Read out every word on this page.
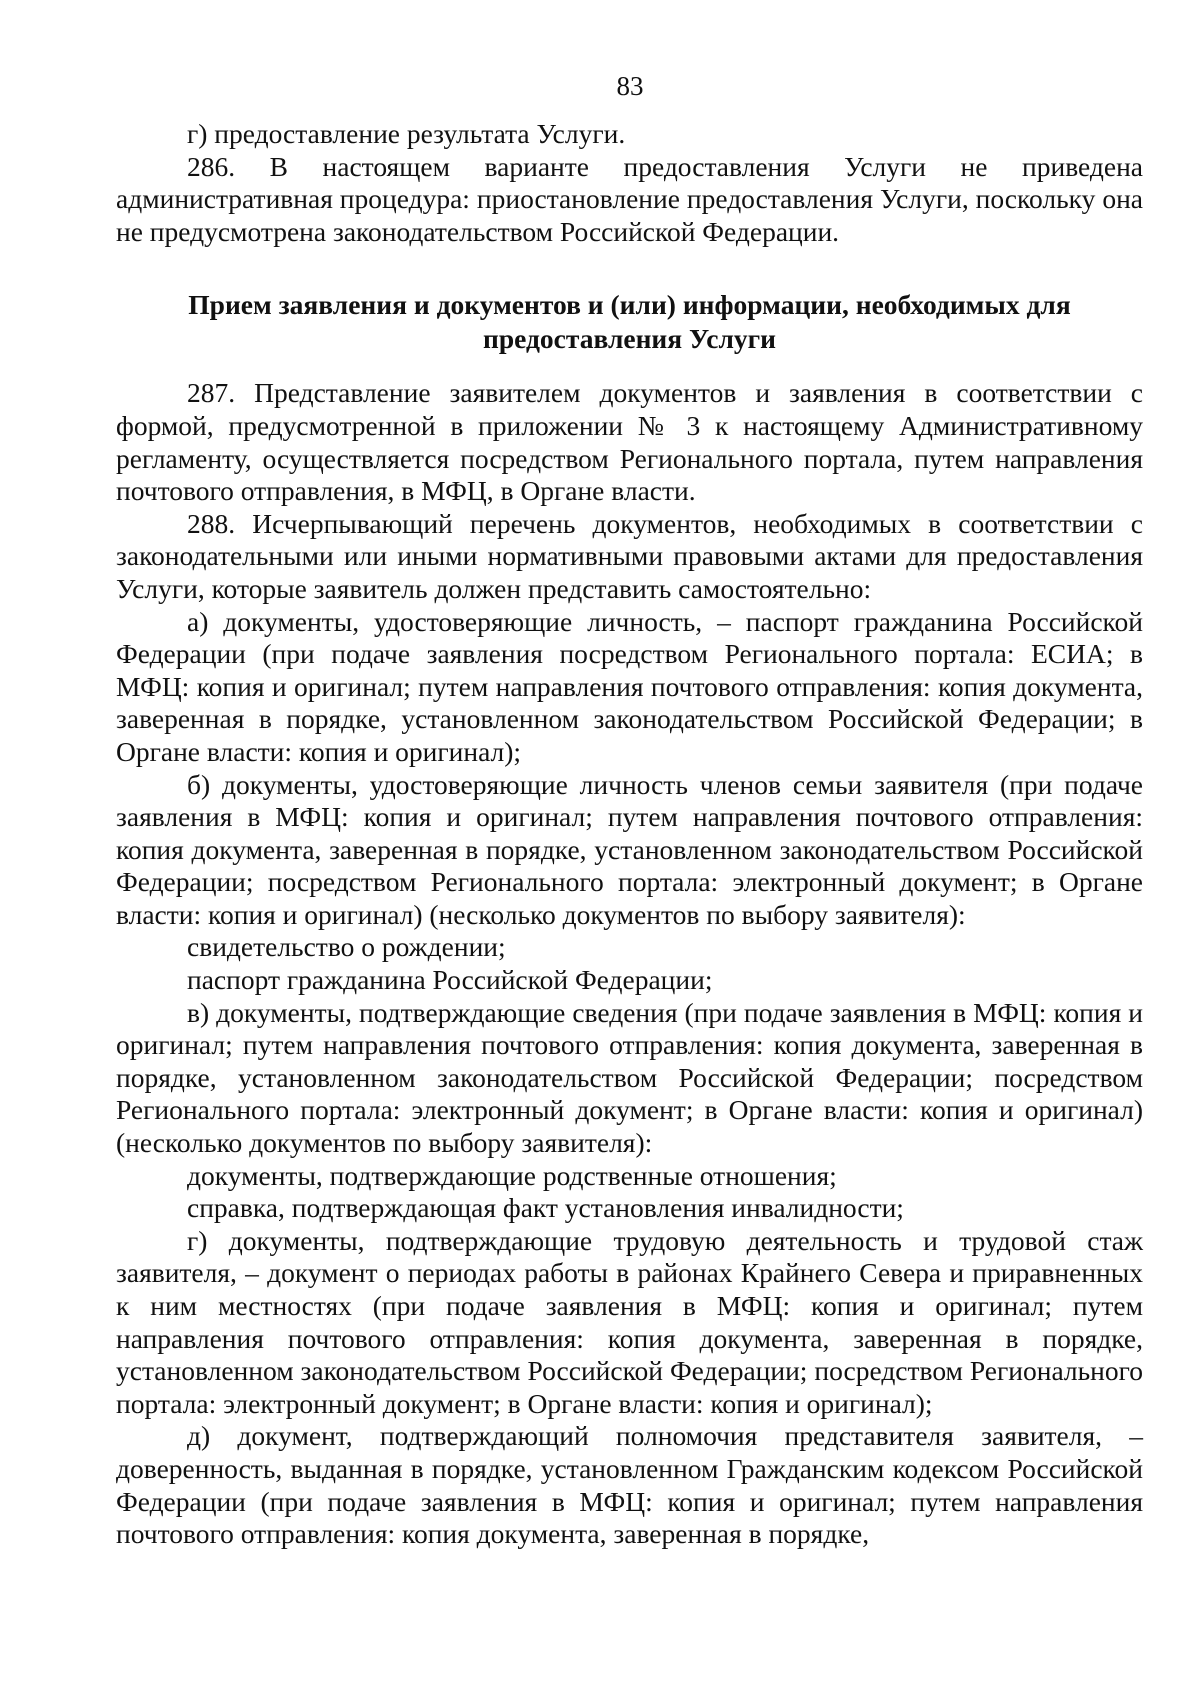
83

г) предоставление результата Услуги.

286. В настоящем варианте предоставления Услуги не приведена административная процедура: приостановление предоставления Услуги, поскольку она не предусмотрена законодательством Российской Федерации.

Прием заявления и документов и (или) информации, необходимых для предоставления Услуги

287. Представление заявителем документов и заявления в соответствии с формой, предусмотренной в приложении № 3 к настоящему Административному регламенту, осуществляется посредством Регионального портала, путем направления почтового отправления, в МФЦ, в Органе власти.

288. Исчерпывающий перечень документов, необходимых в соответствии с законодательными или иными нормативными правовыми актами для предоставления Услуги, которые заявитель должен представить самостоятельно:

а) документы, удостоверяющие личность, – паспорт гражданина Российской Федерации (при подаче заявления посредством Регионального портала: ЕСИА; в МФЦ: копия и оригинал; путем направления почтового отправления: копия документа, заверенная в порядке, установленном законодательством Российской Федерации; в Органе власти: копия и оригинал);

б) документы, удостоверяющие личность членов семьи заявителя (при подаче заявления в МФЦ: копия и оригинал; путем направления почтового отправления: копия документа, заверенная в порядке, установленном законодательством Российской Федерации; посредством Регионального портала: электронный документ; в Органе власти: копия и оригинал) (несколько документов по выбору заявителя):

свидетельство о рождении;

паспорт гражданина Российской Федерации;

в) документы, подтверждающие сведения (при подаче заявления в МФЦ: копия и оригинал; путем направления почтового отправления: копия документа, заверенная в порядке, установленном законодательством Российской Федерации; посредством Регионального портала: электронный документ; в Органе власти: копия и оригинал) (несколько документов по выбору заявителя):

документы, подтверждающие родственные отношения;

справка, подтверждающая факт установления инвалидности;

г) документы, подтверждающие трудовую деятельность и трудовой стаж заявителя, – документ о периодах работы в районах Крайнего Севера и приравненных к ним местностях (при подаче заявления в МФЦ: копия и оригинал; путем направления почтового отправления: копия документа, заверенная в порядке, установленном законодательством Российской Федерации; посредством Регионального портала: электронный документ; в Органе власти: копия и оригинал);

д) документ, подтверждающий полномочия представителя заявителя, – доверенность, выданная в порядке, установленном Гражданским кодексом Российской Федерации (при подаче заявления в МФЦ: копия и оригинал; путем направления почтового отправления: копия документа, заверенная в порядке,
